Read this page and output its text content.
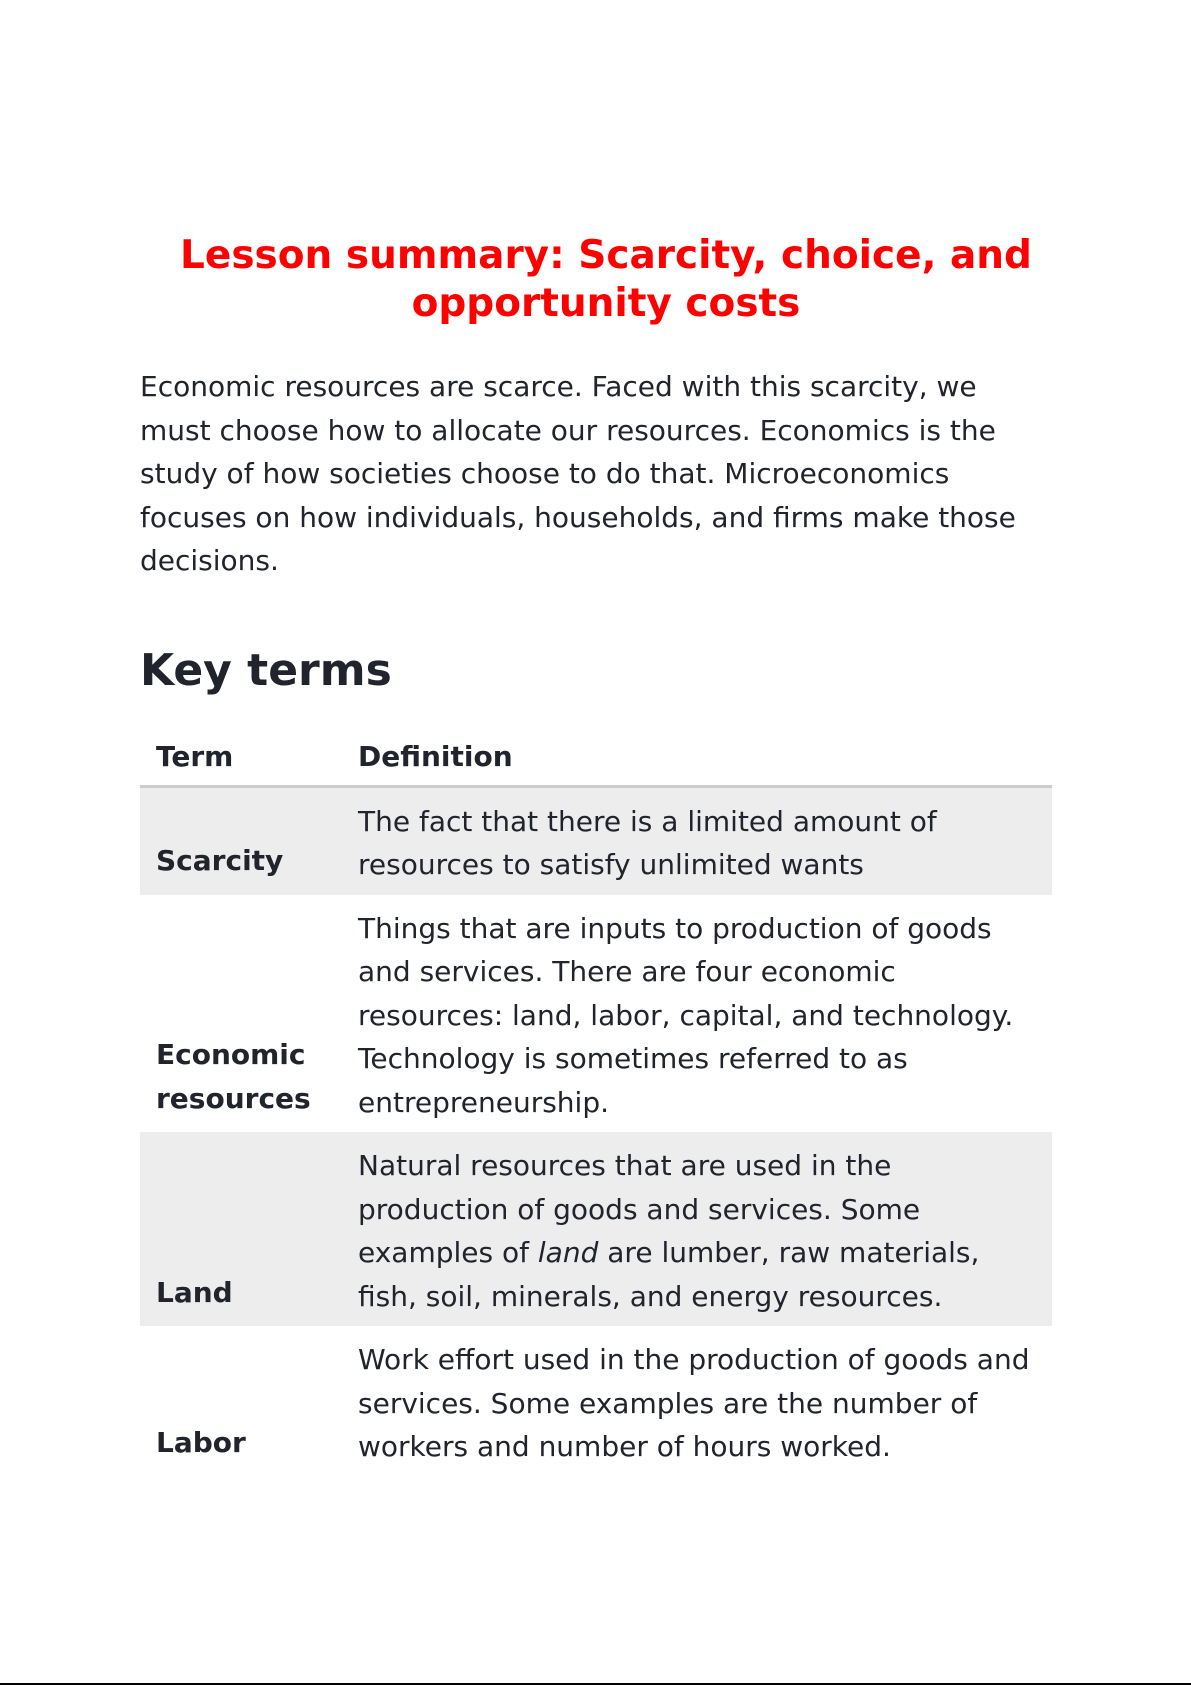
Lesson summary: Scarcity, choice, and opportunity costs

Economic resources are scarce. Faced with this scarcity, we must choose how to allocate our resources. Economics is the study of how societies choose to do that. Microeconomics focuses on how individuals, households, and firms make those decisions.

Key terms
Term	Definition
Scarcity	The fact that there is a limited amount of resources to satisfy unlimited wants
Economic resources	Things that are inputs to production of goods and services. There are four economic resources: land, labor, capital, and technology. Technology is sometimes referred to as entrepreneurship.
Land	Natural resources that are used in the production of goods and services. Some examples of land are lumber, raw materials, fish, soil, minerals, and energy resources.
Labor	Work effort used in the production of goods and services. Some examples are the number of workers and number of hours worked.
